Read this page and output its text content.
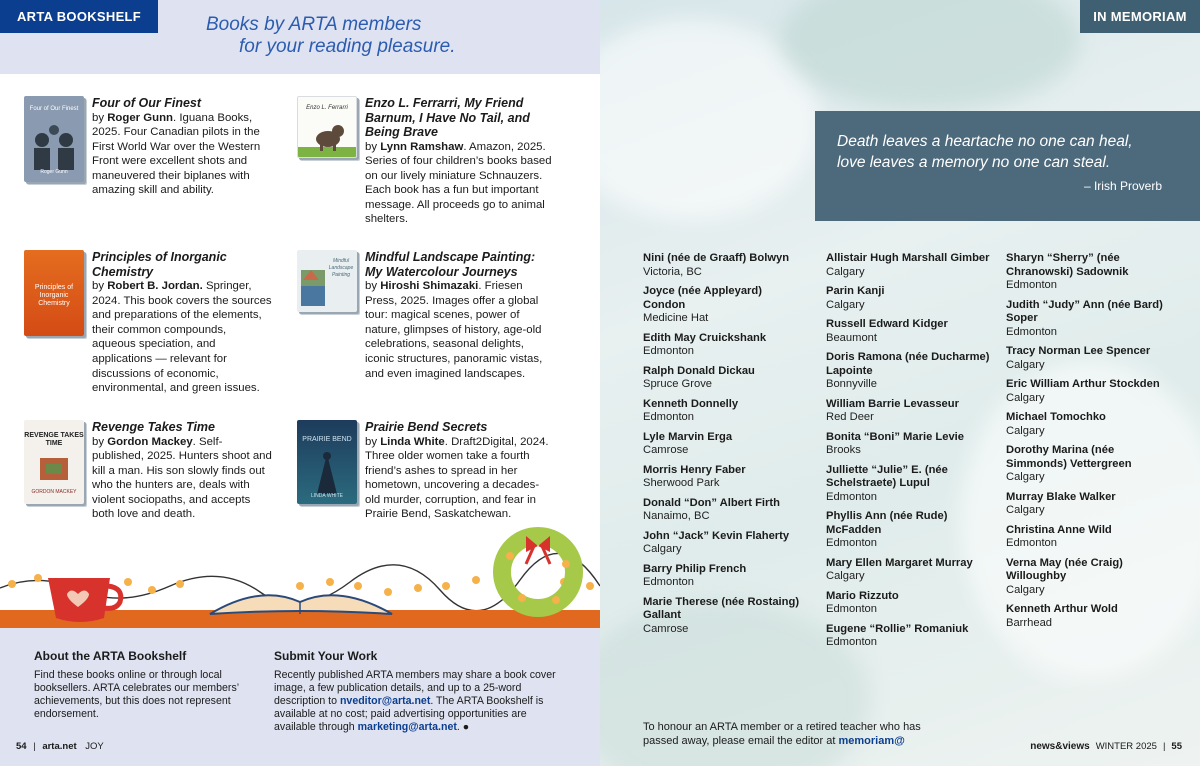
ARTA BOOKSHELF	Books by ARTA members
for your reading pleasure.
Four of Our Finest
Roger Gunn
Four of Our Finest
by Roger Gunn. Iguana Books, 2025. Four Canadian pilots in the First World War over the Western Front were excellent shots and maneuvered their biplanes with amazing skill and ability.
Enzo L. Ferrarri	Enzo L. Ferrarri, My Friend Barnum, I Have No Tail, and Being Brave
by Lynn Ramshaw. Amazon, 2025. Series of four children’s books based on our lively miniature Schnauzers. Each book has a fun but important message. All proceeds go to animal shelters.
Principles of Inorganic Chemistry
Principles of Inorganic Chemistry
by Robert B. Jordan. Springer, 2024. This book covers the sources and preparations of the elements, their common compounds, aqueous speciation, and applications — relevant for discussions of economic, environmental, and green issues.
Mindful Landscape Painting
Mindful Landscape Painting: My Watercolour Journeys
by Hiroshi Shimazaki. Friesen Press, 2025. Images offer a global tour: magical scenes, power of nature, glimpses of history, age-old celebrations, seasonal delights, iconic structures, panoramic vistas, and even imagined landscapes.
REVENGE TAKES TIME
GORDON MACKEY
Revenge Takes Time
by Gordon Mackey. Self-published, 2025. Hunters shoot and kill a man. His son slowly finds out who the hunters are, deals with violent sociopaths, and accepts both love and death.
PRAIRIE BEND
LINDA WHITE
Prairie Bend Secrets
by Linda White. Draft2Digital, 2024. Three older women take a fourth friend’s ashes to spread in her hometown, uncovering a decades-old murder, corruption, and fear in Prairie Bend, Saskatchewan.
About the ARTA Bookshelf
Find these books online or through local booksellers. ARTA celebrates our members’ achievements, but this does not represent endorsement.
Submit Your Work
Recently published ARTA members may share a book cover image, a few publication details, and up to a 25-word description to nveditor@arta.net. The ARTA Bookshelf is available at no cost; paid advertising opportunities are available through marketing@arta.net. ●
54 | arta.net JOY
IN MEMORIAM
Death leaves a heartache no one can heal,
love leaves a memory no one can steal.
– Irish Proverb
Nini (née de Graaff) Bolwyn
Victoria, BC
Joyce (née Appleyard) Condon
Medicine Hat
Edith May Cruickshank
Edmonton
Ralph Donald Dickau
Spruce Grove
Kenneth Donnelly
Edmonton
Lyle Marvin Erga
Camrose
Morris Henry Faber
Sherwood Park
Donald “Don” Albert Firth
Nanaimo, BC
John “Jack” Kevin Flaherty
Calgary
Barry Philip French
Edmonton
Marie Therese (née Rostaing) Gallant
Camrose
Allistair Hugh Marshall Gimber
Calgary
Parin Kanji
Calgary
Russell Edward Kidger
Beaumont
Doris Ramona (née Ducharme) Lapointe
Bonnyville
William Barrie Levasseur
Red Deer
Bonita “Boni” Marie Levie
Brooks
Julliette “Julie” E. (née Schelstraete) Lupul
Edmonton
Phyllis Ann (née Rude) McFadden
Edmonton
Mary Ellen Margaret Murray
Calgary
Mario Rizzuto
Edmonton
Eugene “Rollie” Romaniuk
Edmonton
Sharyn “Sherry” (née Chranowski) Sadownik
Edmonton
Judith “Judy” Ann (née Bard) Soper
Edmonton
Tracy Norman Lee Spencer
Calgary
Eric William Arthur Stockden
Calgary
Michael Tomochko
Calgary
Dorothy Marina (née Simmonds) Vettergreen
Calgary
Murray Blake Walker
Calgary
Christina Anne Wild
Edmonton
Verna May (née Craig) Willoughby
Calgary
Kenneth Arthur Wold
Barrhead
To honour an ARTA member or a retired teacher who has
passed away, please email the editor at memoriam@	news&views WINTER 2025 | 55
